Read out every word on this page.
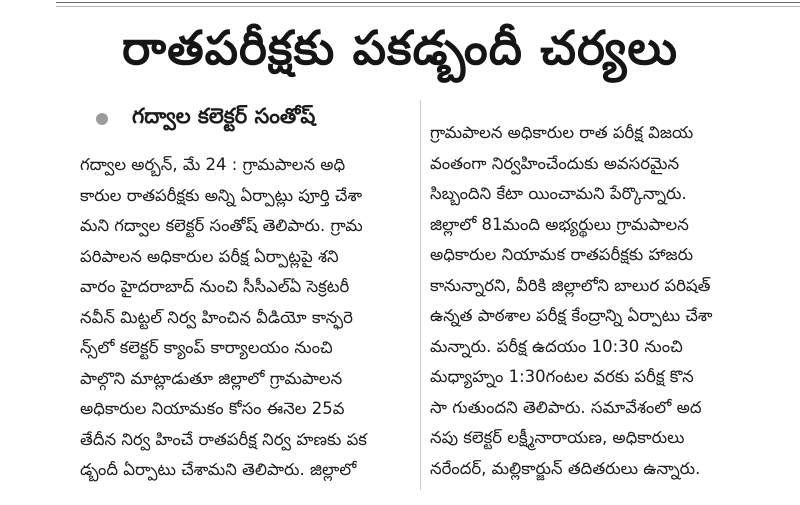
రాతపరీక్షకు పకడ్బందీ చర్యలు
గద్వాల కలెక్టర్ సంతోష్
గద్వాల అర్బన్, మే 24 : గ్రామపాలన అధి
కారుల రాతపరీక్షకు అన్ని ఏర్పాట్లు పూర్తి చేశా
మని గద్వాల కలెక్టర్ సంతోష్ తెలిపారు. గ్రామ
పరిపాలన అధికారుల పరీక్ష ఏర్పాట్లపై శని
వారం హైదరాబాద్ నుంచి సీసీఎల్ఏ సెక్రటరీ
నవీన్ మిట్టల్ నిర్వ హించిన వీడియో కాన్ఫరె
న్స్‌లో కలెక్టర్ క్యాంప్ కార్యాలయం నుంచి
పాల్గొని మాట్లాడుతూ జిల్లాలో గ్రామపాలన
అధికారుల నియామకం కోసం ఈనెల 25వ
తేదీన నిర్వ హించే రాతపరీక్ష నిర్వ హణకు పక
డ్బందీ ఏర్పాటు చేశామని తెలిపారు. జిల్లాలో
గ్రామపాలన అధికారుల రాత పరీక్ష విజయ
వంతంగా నిర్వహించేందుకు అవసరమైన
సిబ్బందిని కేటా యించామని పేర్కొన్నారు.
జిల్లాలో 81మంది అభ్యర్థులు గ్రామపాలన
అధికారుల నియామక రాతపరీక్షకు హాజరు
కానున్నారని, వీరికి జిల్లాలోని బాలుర పరిషత్
ఉన్నత పాఠశాల పరీక్ష కేంద్రాన్ని ఏర్పాటు చేశా
మన్నారు. పరీక్ష ఉదయం 10:30 నుంచి
మధ్యాహ్నం 1:30గంటల వరకు పరీక్ష కొన
సా గుతుందని తెలిపారు. సమావేశంలో అద
నపు కలెక్టర్ లక్ష్మీనారాయణ, అధికారులు
నరేందర్, మల్లికార్జున్ తదితరులు ఉన్నారు.
